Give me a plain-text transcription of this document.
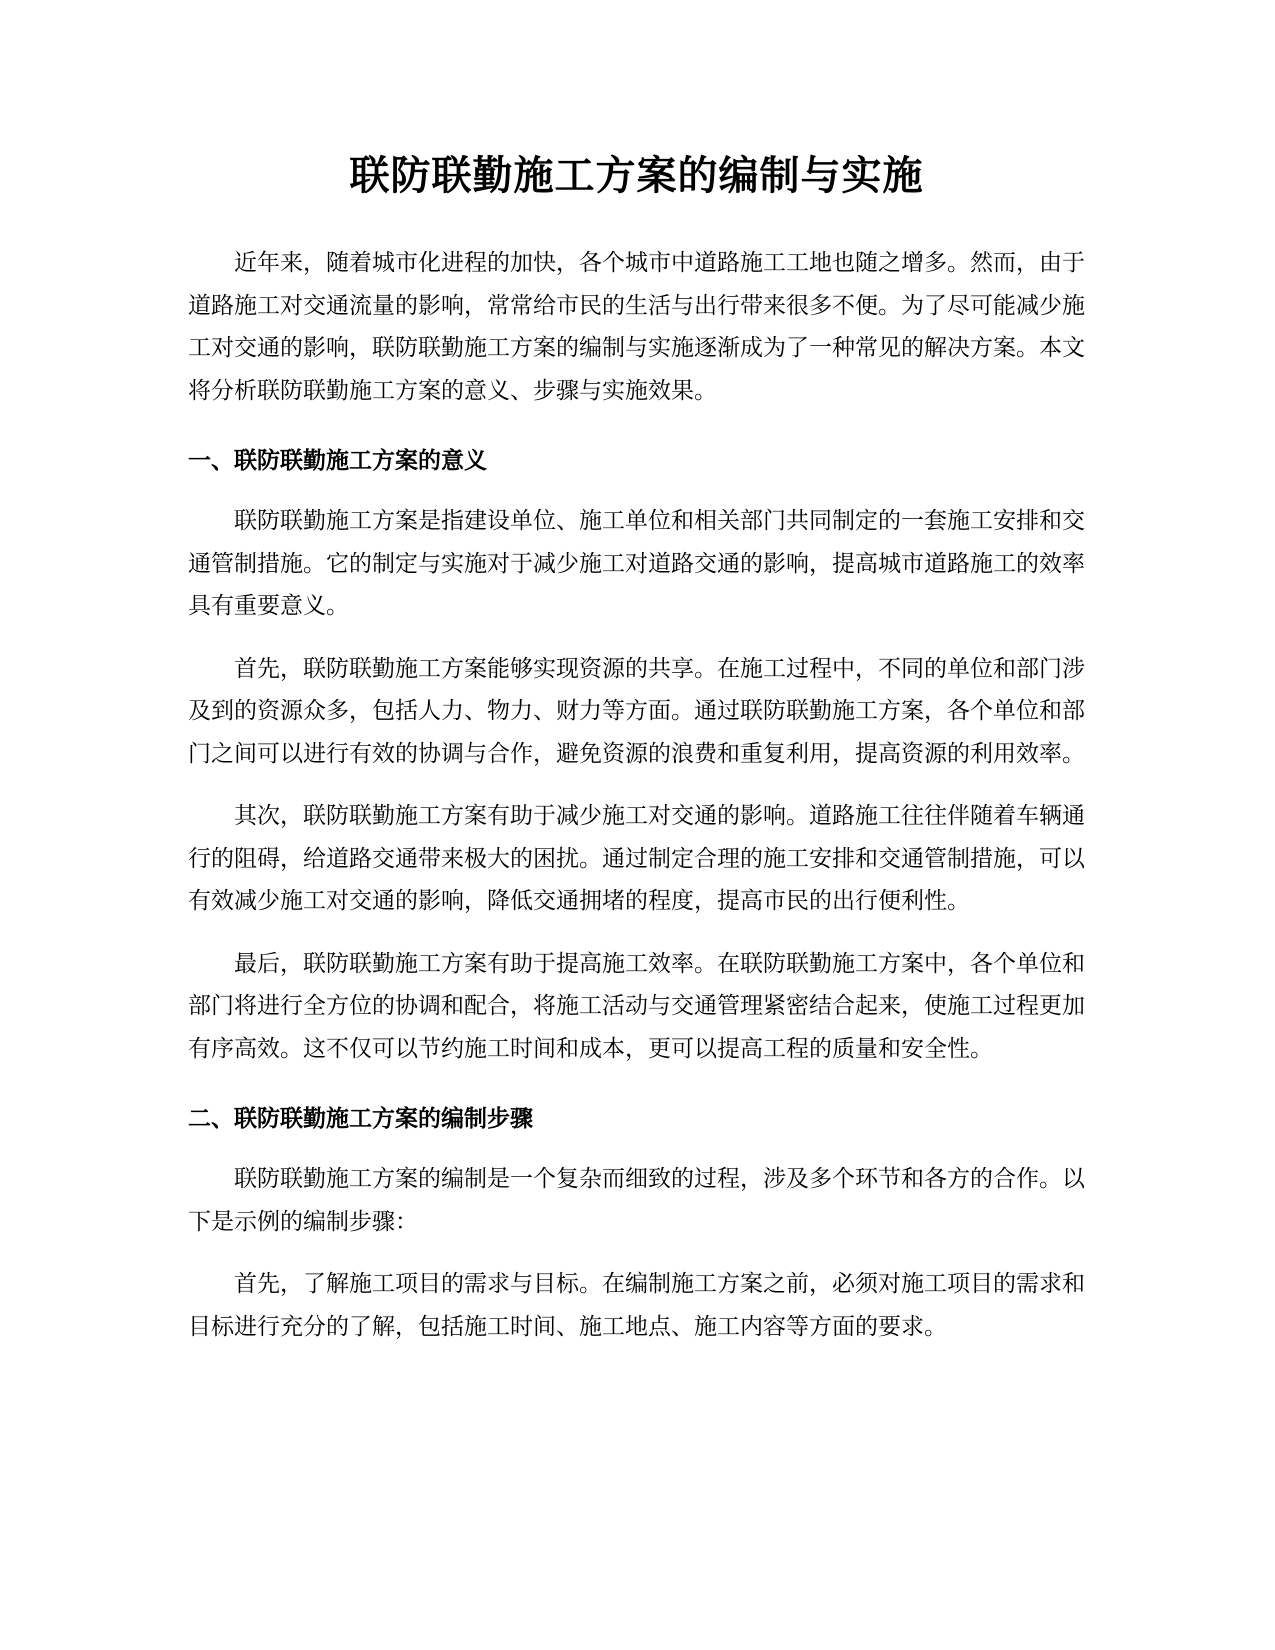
联防联勤施工方案的编制与实施

近年来，随着城市化进程的加快，各个城市中道路施工工地也随之增多。然而，由于道路施工对交通流量的影响，常常给市民的生活与出行带来很多不便。为了尽可能减少施工对交通的影响，联防联勤施工方案的编制与实施逐渐成为了一种常见的解决方案。本文将分析联防联勤施工方案的意义、步骤与实施效果。

一、联防联勤施工方案的意义

联防联勤施工方案是指建设单位、施工单位和相关部门共同制定的一套施工安排和交通管制措施。它的制定与实施对于减少施工对道路交通的影响，提高城市道路施工的效率具有重要意义。

首先，联防联勤施工方案能够实现资源的共享。在施工过程中，不同的单位和部门涉及到的资源众多，包括人力、物力、财力等方面。通过联防联勤施工方案，各个单位和部门之间可以进行有效的协调与合作，避免资源的浪费和重复利用，提高资源的利用效率。

其次，联防联勤施工方案有助于减少施工对交通的影响。道路施工往往伴随着车辆通行的阻碍，给道路交通带来极大的困扰。通过制定合理的施工安排和交通管制措施，可以有效减少施工对交通的影响，降低交通拥堵的程度，提高市民的出行便利性。

最后，联防联勤施工方案有助于提高施工效率。在联防联勤施工方案中，各个单位和部门将进行全方位的协调和配合，将施工活动与交通管理紧密结合起来，使施工过程更加有序高效。这不仅可以节约施工时间和成本，更可以提高工程的质量和安全性。

二、联防联勤施工方案的编制步骤

联防联勤施工方案的编制是一个复杂而细致的过程，涉及多个环节和各方的合作。以下是示例的编制步骤：

首先，了解施工项目的需求与目标。在编制施工方案之前，必须对施工项目的需求和目标进行充分的了解，包括施工时间、施工地点、施工内容等方面的要求。
